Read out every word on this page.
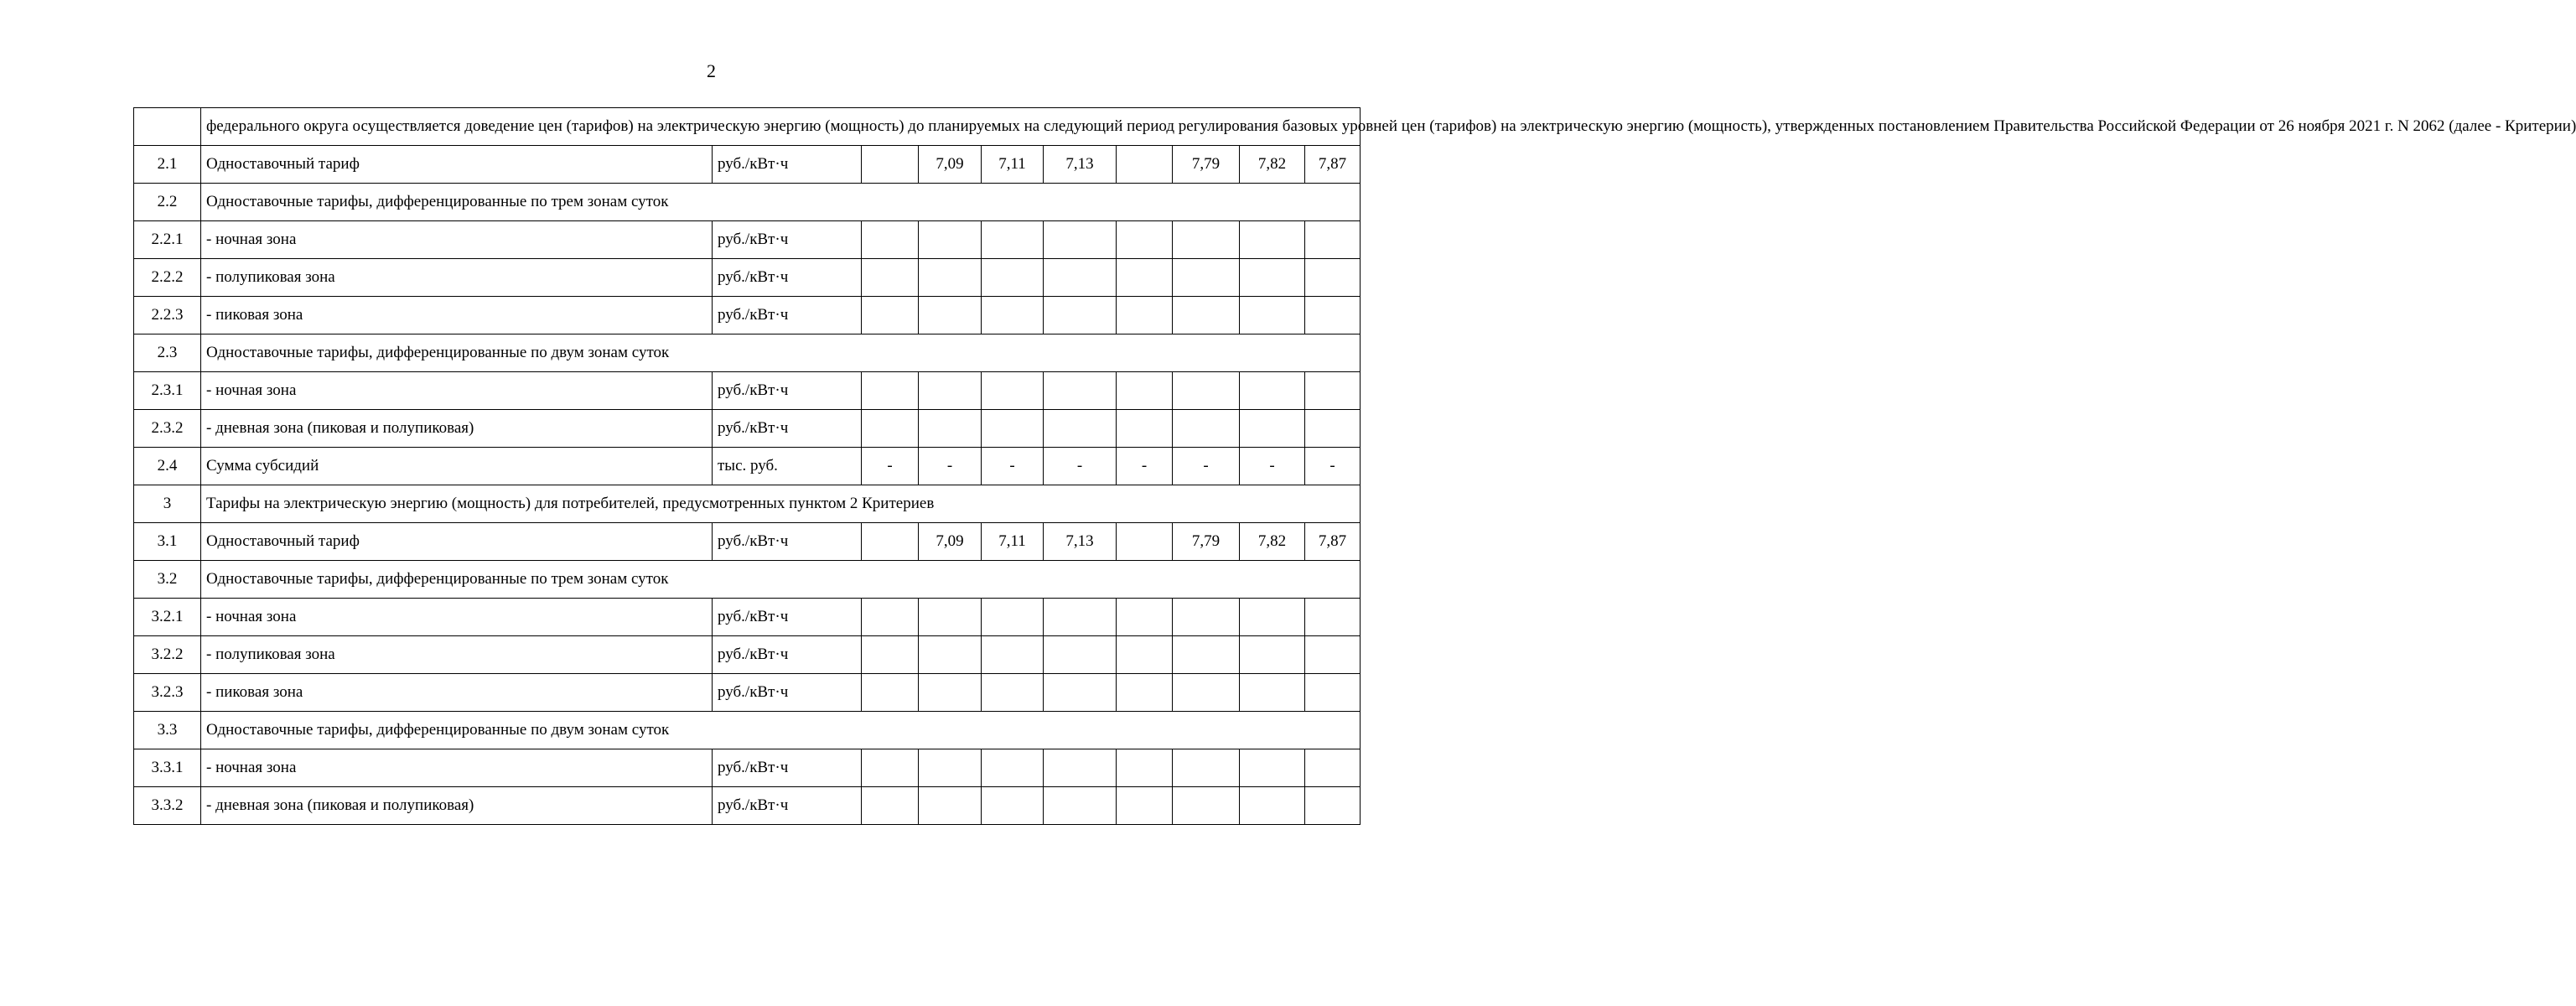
2
	федерального округа осуществляется доведение цен (тарифов) на электрическую энергию (мощность) до планируемых на следующий период регулирования базовых уровней цен (тарифов) на электрическую энергию (мощность), утвержденных постановлением Правительства Российской Федерации от 26 ноября 2021 г. N 2062 (далее - Критерии)									
2.1	Одноставочный тариф	руб./кВт·ч		7,09	7,11	7,13		7,79	7,82	7,87
2.2	Одноставочные тарифы, дифференцированные по трем зонам суток									
2.2.1	- ночная зона	руб./кВт·ч								
2.2.2	- полупиковая зона	руб./кВт·ч								
2.2.3	- пиковая зона	руб./кВт·ч								
2.3	Одноставочные тарифы, дифференцированные по двум зонам суток									
2.3.1	- ночная зона	руб./кВт·ч								
2.3.2	- дневная зона (пиковая и полупиковая)	руб./кВт·ч								
2.4	Сумма субсидий	тыс. руб.	-	-	-	-	-	-	-	-
3	Тарифы на электрическую энергию (мощность) для потребителей, предусмотренных пунктом 2 Критериев									
3.1	Одноставочный тариф	руб./кВт·ч		7,09	7,11	7,13		7,79	7,82	7,87
3.2	Одноставочные тарифы, дифференцированные по трем зонам суток									
3.2.1	- ночная зона	руб./кВт·ч								
3.2.2	- полупиковая зона	руб./кВт·ч								
3.2.3	- пиковая зона	руб./кВт·ч								
3.3	Одноставочные тарифы, дифференцированные по двум зонам суток									
3.3.1	- ночная зона	руб./кВт·ч								
3.3.2	- дневная зона (пиковая и полупиковая)	руб./кВт·ч								
